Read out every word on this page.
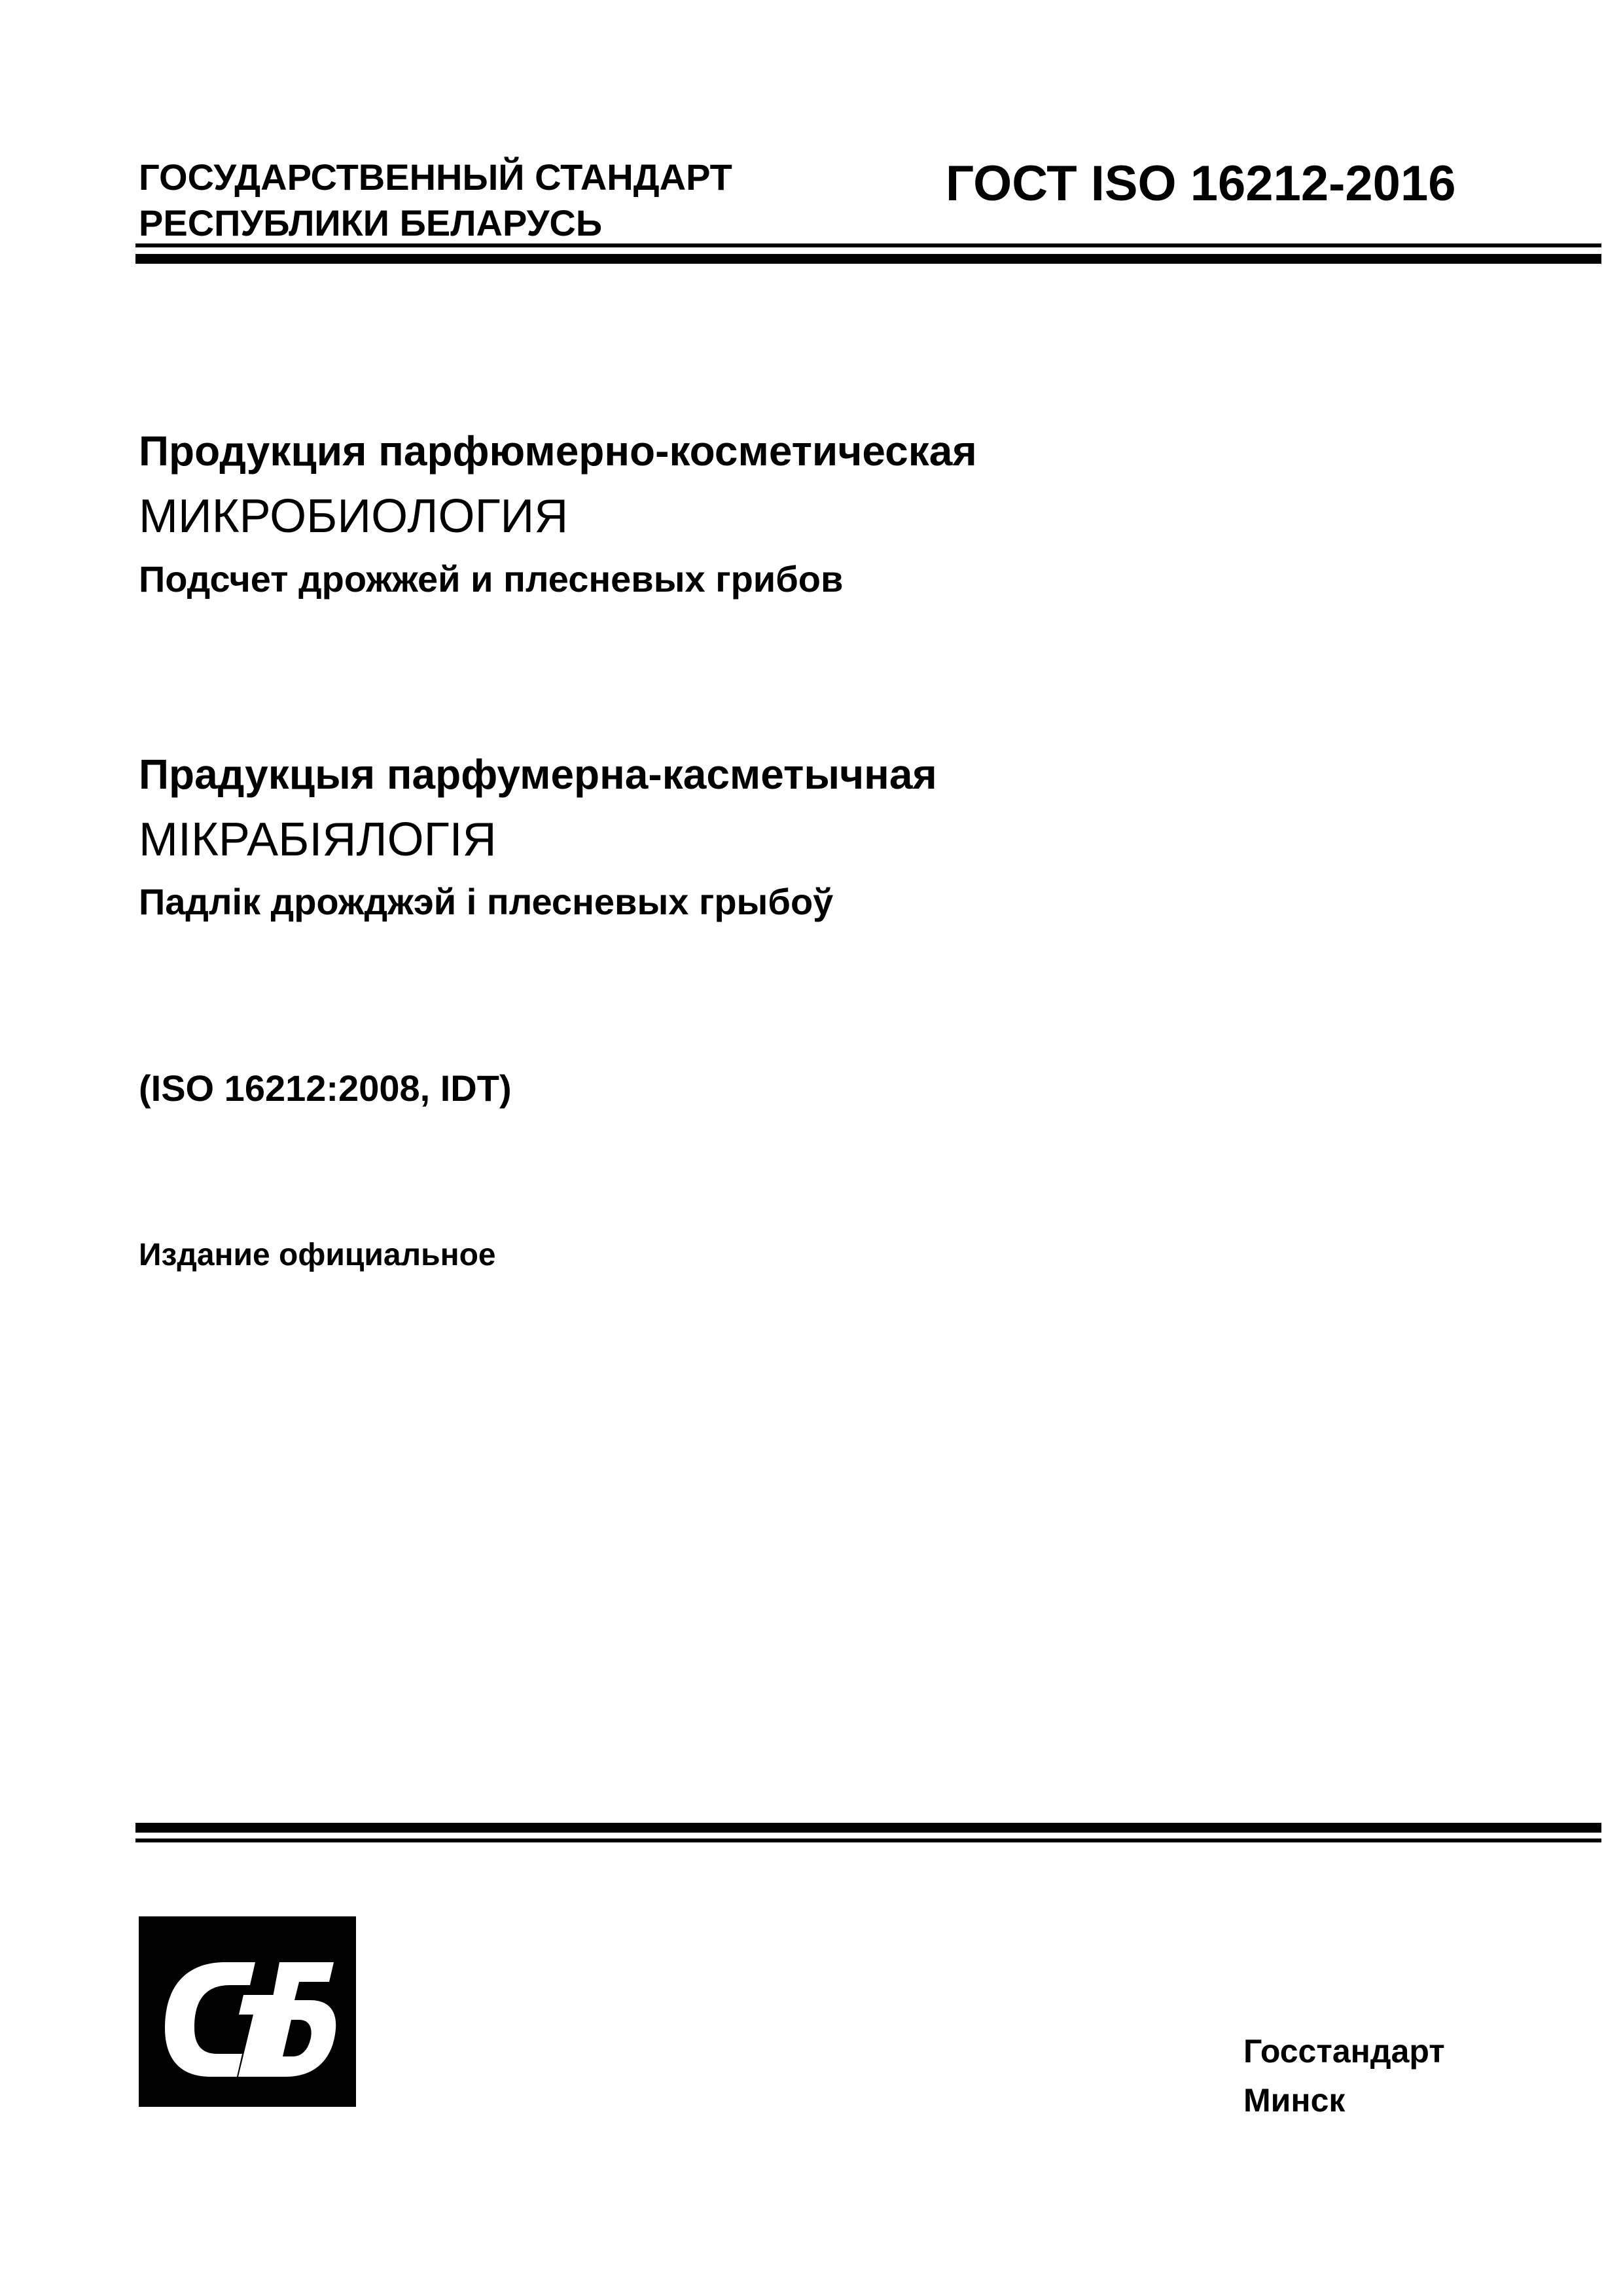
ГОСУДАРСТВЕННЫЙ СТАНДАРТ
РЕСПУБЛИКИ БЕЛАРУСЬ
ГОСТ ISO 16212-2016
Продукция парфюмерно-косметическая
МИКРОБИОЛОГИЯ
Подсчет дрожжей и плесневых грибов
Прадукцыя парфумерна-касметычная
МІКРАБІЯЛОГІЯ
Падлік дрожджэй і плесневых грыбоў
(ISO 16212:2008, IDT)
Издание официальное
Госстандарт
Минск
